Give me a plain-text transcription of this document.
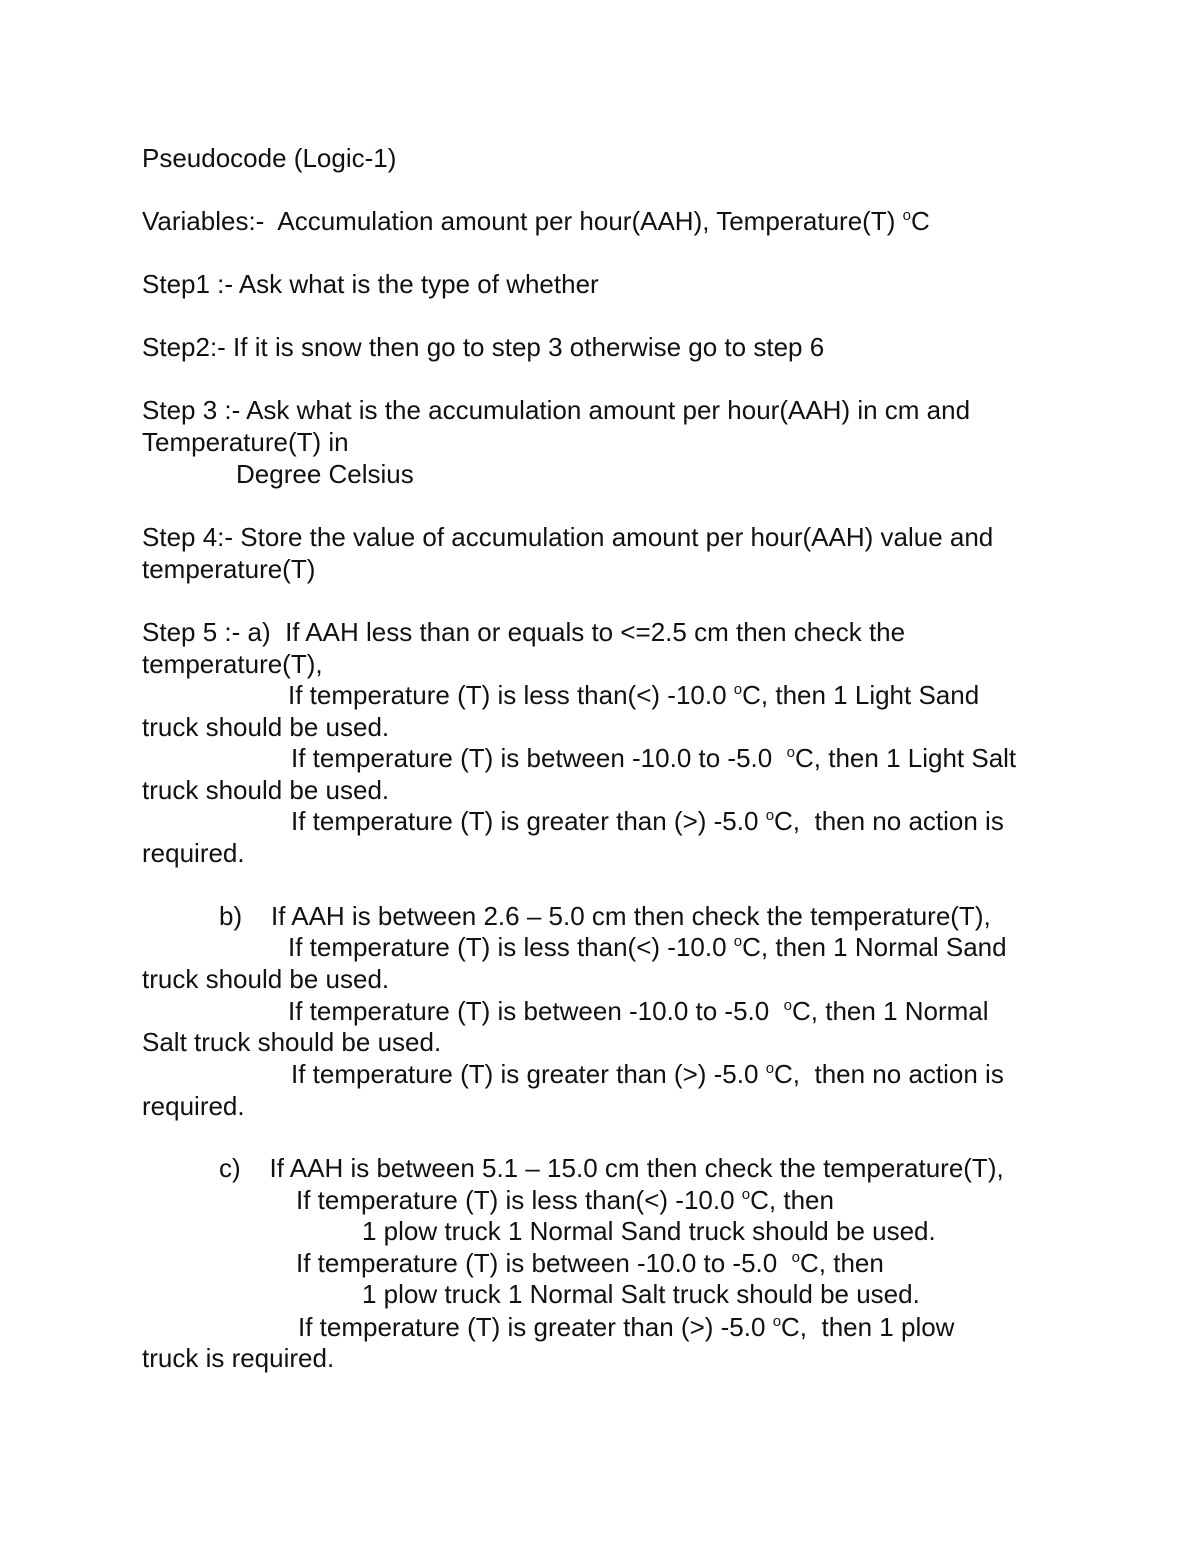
Pseudocode (Logic-1)

Variables:- Accumulation amount per hour(AAH), Temperature(T) $^o$C

Step1 :- Ask what is the type of whether

Step2:- If it is snow then go to step 3 otherwise go to step 6

Step 3 :- Ask what is the accumulation amount per hour(AAH) in cm and

Temperature(T) in

Degree Celsius

Step 4:- Store the value of accumulation amount per hour(AAH) value and

temperature(T)

Step 5 :- a)  If AAH less than or equals to <=2.5 cm then check the

temperature(T),

If temperature (T) is less than(<) -10.0 $^o$C, then 1 Light Sand

truck should be used.

If temperature (T) is between -10.0 to -5.0  $^o$C, then 1 Light Salt

truck should be used.

If temperature (T) is greater than (>) -5.0 $^o$C,  then no action is

required.

b)    If AAH is between 2.6 – 5.0 cm then check the temperature(T),

If temperature (T) is less than(<) -10.0 $^o$C, then 1 Normal Sand

truck should be used.

If temperature (T) is between -10.0 to -5.0  $^o$C, then 1 Normal

Salt truck should be used.

If temperature (T) is greater than (>) -5.0 $^o$C,  then no action is

required.

c)    If AAH is between 5.1 – 15.0 cm then check the temperature(T),

If temperature (T) is less than(<) -10.0 $^o$C, then

1 plow truck 1 Normal Sand truck should be used.

If temperature (T) is between -10.0 to -5.0  $^o$C, then

1 plow truck 1 Normal Salt truck should be used.

If temperature (T) is greater than (>) -5.0 $^o$C,  then 1 plow

truck is required.
